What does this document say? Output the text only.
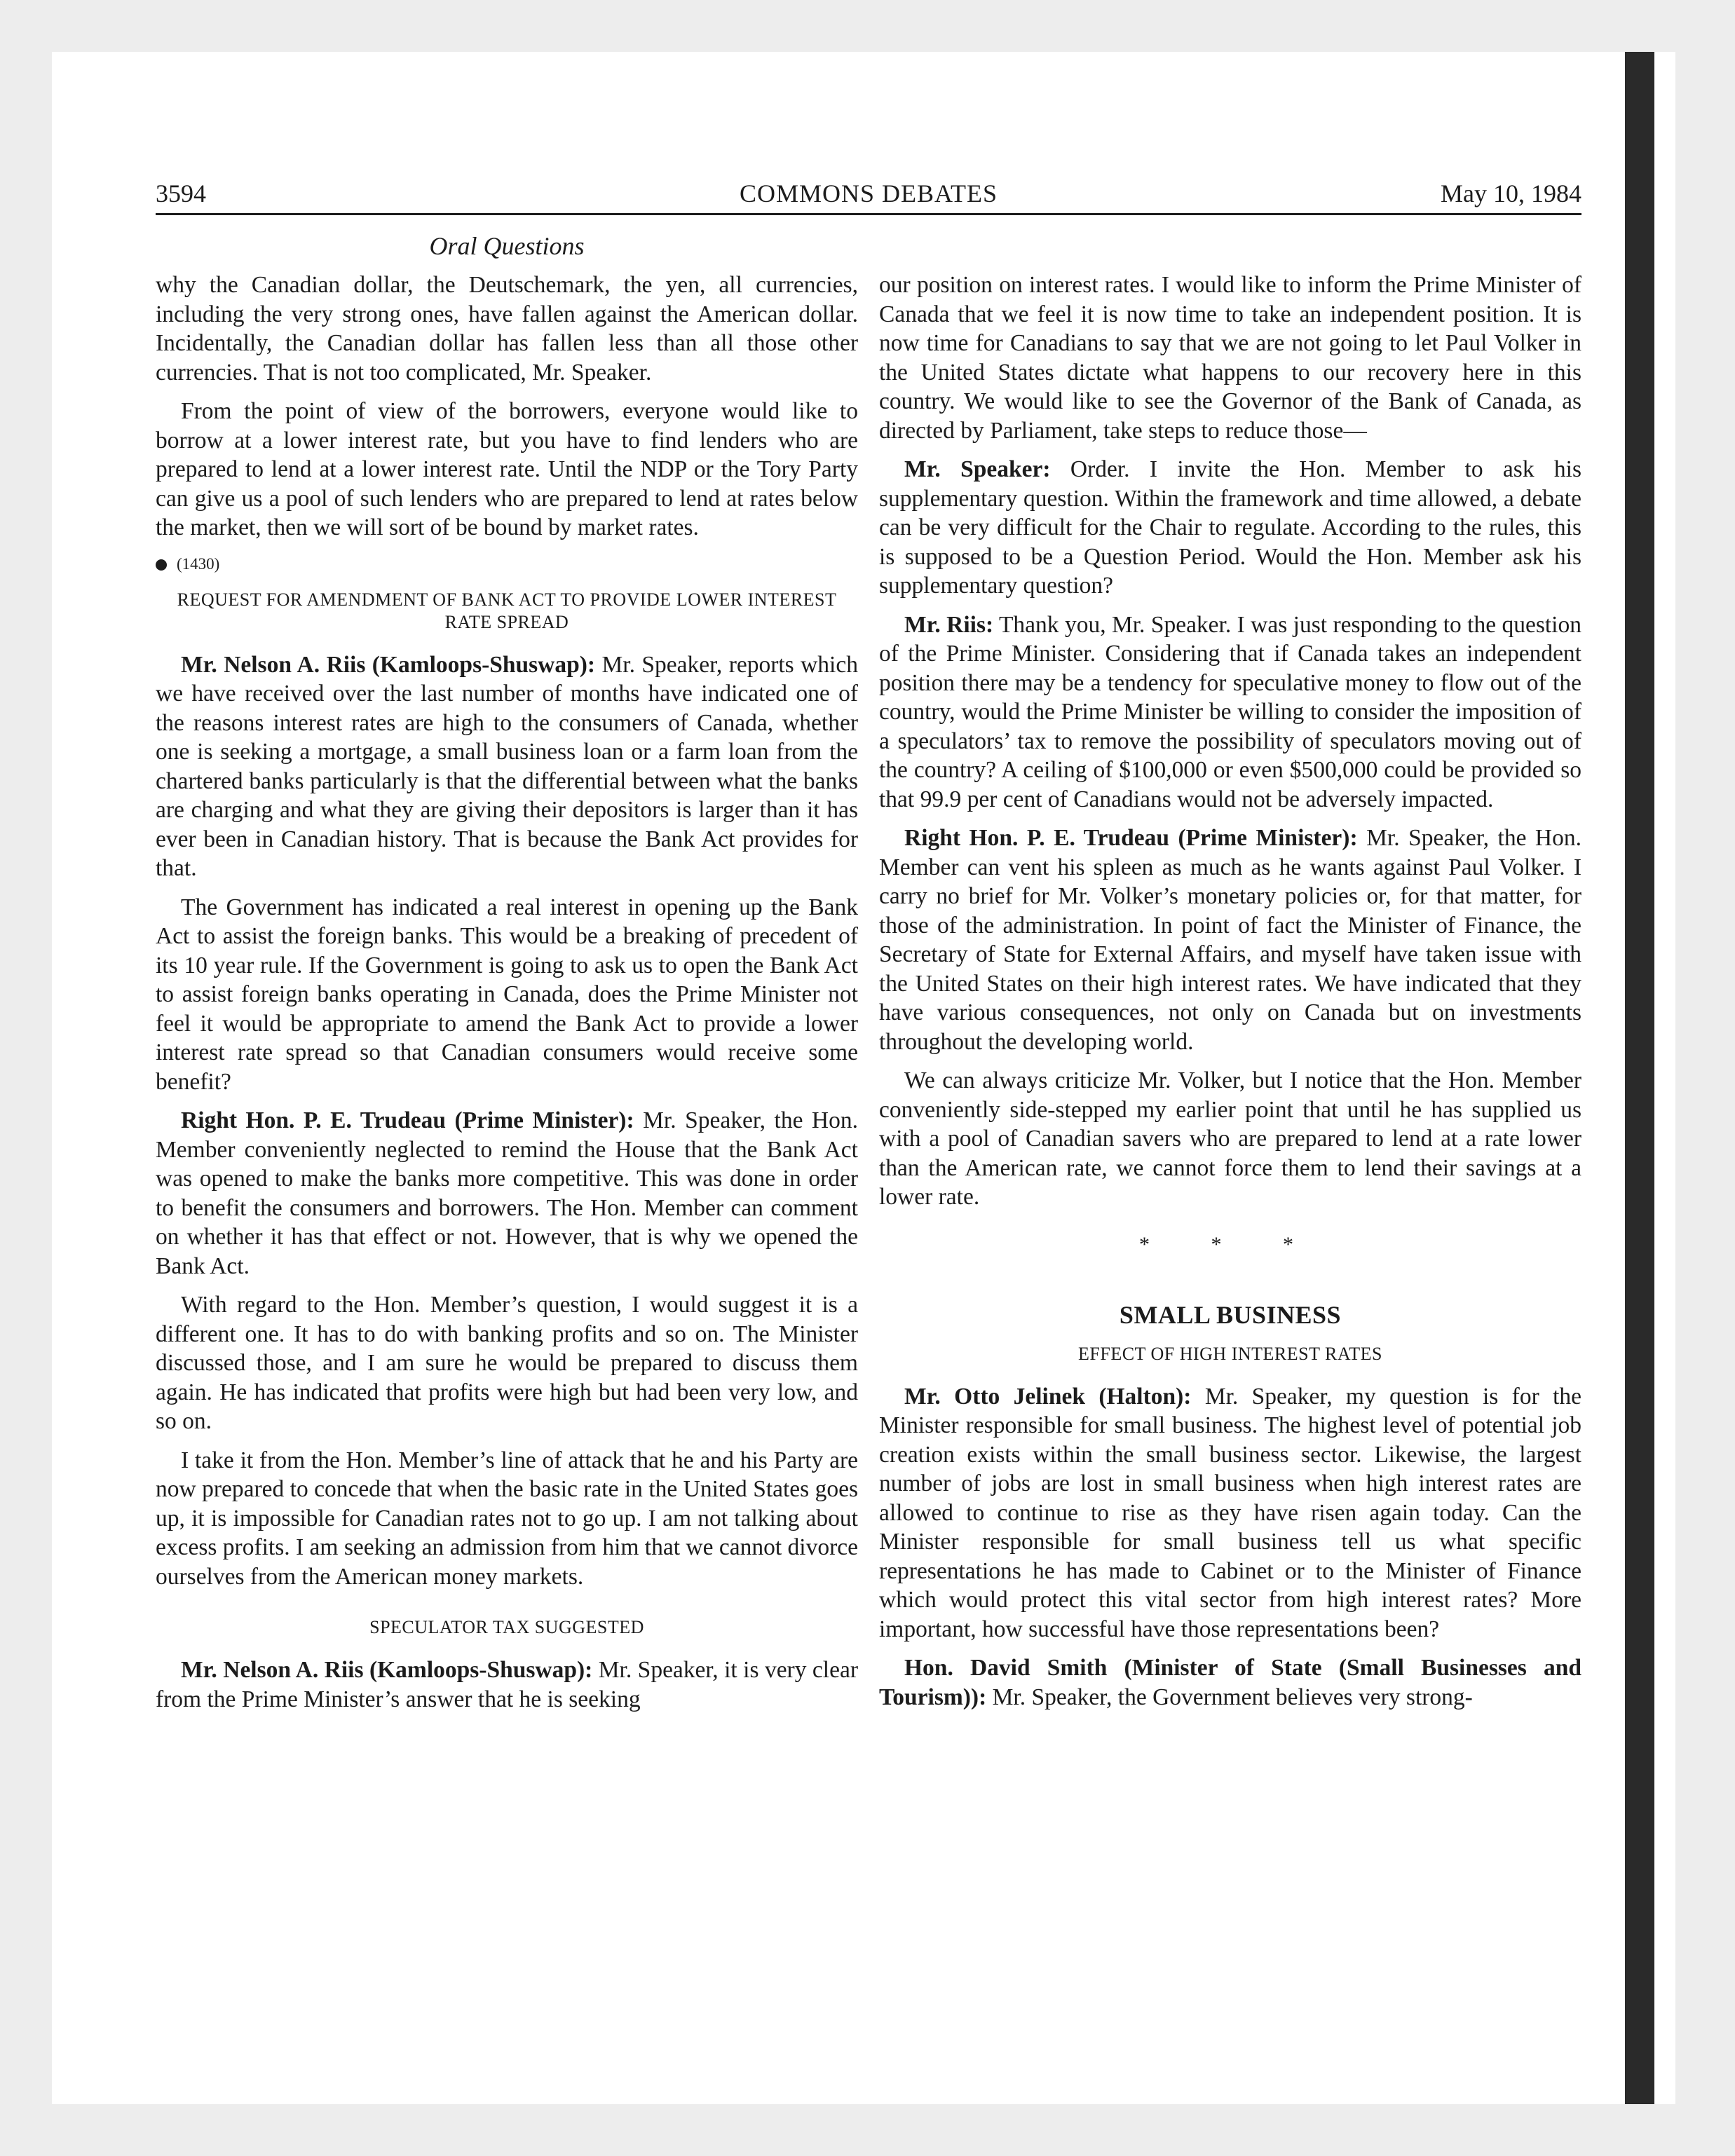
3594	COMMONS DEBATES	May 10, 1984
Oral Questions

why the Canadian dollar, the Deutschemark, the yen, all currencies, including the very strong ones, have fallen against the American dollar. Incidentally, the Canadian dollar has fallen less than all those other currencies. That is not too complicated, Mr. Speaker.

From the point of view of the borrowers, everyone would like to borrow at a lower interest rate, but you have to find lenders who are prepared to lend at a lower interest rate. Until the NDP or the Tory Party can give us a pool of such lenders who are prepared to lend at rates below the market, then we will sort of be bound by market rates.

(1430)
REQUEST FOR AMENDMENT OF BANK ACT TO PROVIDE LOWER INTEREST RATE SPREAD

Mr. Nelson A. Riis (Kamloops-Shuswap): Mr. Speaker, reports which we have received over the last number of months have indicated one of the reasons interest rates are high to the consumers of Canada, whether one is seeking a mortgage, a small business loan or a farm loan from the chartered banks particularly is that the differential between what the banks are charging and what they are giving their depositors is larger than it has ever been in Canadian history. That is because the Bank Act provides for that.

The Government has indicated a real interest in opening up the Bank Act to assist the foreign banks. This would be a breaking of precedent of its 10 year rule. If the Government is going to ask us to open the Bank Act to assist foreign banks operating in Canada, does the Prime Minister not feel it would be appropriate to amend the Bank Act to provide a lower interest rate spread so that Canadian consumers would receive some benefit?

Right Hon. P. E. Trudeau (Prime Minister): Mr. Speaker, the Hon. Member conveniently neglected to remind the House that the Bank Act was opened to make the banks more competitive. This was done in order to benefit the consumers and borrowers. The Hon. Member can comment on whether it has that effect or not. However, that is why we opened the Bank Act.

With regard to the Hon. Member’s question, I would suggest it is a different one. It has to do with banking profits and so on. The Minister discussed those, and I am sure he would be prepared to discuss them again. He has indicated that profits were high but had been very low, and so on.

I take it from the Hon. Member’s line of attack that he and his Party are now prepared to concede that when the basic rate in the United States goes up, it is impossible for Canadian rates not to go up. I am not talking about excess profits. I am seeking an admission from him that we cannot divorce ourselves from the American money markets.

SPECULATOR TAX SUGGESTED

Mr. Nelson A. Riis (Kamloops-Shuswap): Mr. Speaker, it is very clear from the Prime Minister’s answer that he is seeking

our position on interest rates. I would like to inform the Prime Minister of Canada that we feel it is now time to take an independent position. It is now time for Canadians to say that we are not going to let Paul Volker in the United States dictate what happens to our recovery here in this country. We would like to see the Governor of the Bank of Canada, as directed by Parliament, take steps to reduce those—

Mr. Speaker: Order. I invite the Hon. Member to ask his supplementary question. Within the framework and time allowed, a debate can be very difficult for the Chair to regulate. According to the rules, this is supposed to be a Question Period. Would the Hon. Member ask his supplementary question?

Mr. Riis: Thank you, Mr. Speaker. I was just responding to the question of the Prime Minister. Considering that if Canada takes an independent position there may be a tendency for speculative money to flow out of the country, would the Prime Minister be willing to consider the imposition of a speculators’ tax to remove the possibility of speculators moving out of the country? A ceiling of $100,000 or even $500,000 could be provided so that 99.9 per cent of Canadians would not be adversely impacted.

Right Hon. P. E. Trudeau (Prime Minister): Mr. Speaker, the Hon. Member can vent his spleen as much as he wants against Paul Volker. I carry no brief for Mr. Volker’s monetary policies or, for that matter, for those of the administration. In point of fact the Minister of Finance, the Secretary of State for External Affairs, and myself have taken issue with the United States on their high interest rates. We have indicated that they have various consequences, not only on Canada but on investments throughout the developing world.

We can always criticize Mr. Volker, but I notice that the Hon. Member conveniently side-stepped my earlier point that until he has supplied us with a pool of Canadian savers who are prepared to lend at a rate lower than the American rate, we cannot force them to lend their savings at a lower rate.

* * *
SMALL BUSINESS
EFFECT OF HIGH INTEREST RATES

Mr. Otto Jelinek (Halton): Mr. Speaker, my question is for the Minister responsible for small business. The highest level of potential job creation exists within the small business sector. Likewise, the largest number of jobs are lost in small business when high interest rates are allowed to continue to rise as they have risen again today. Can the Minister responsible for small business tell us what specific representations he has made to Cabinet or to the Minister of Finance which would protect this vital sector from high interest rates? More important, how successful have those representations been?

Hon. David Smith (Minister of State (Small Businesses and Tourism)): Mr. Speaker, the Government believes very strong-
